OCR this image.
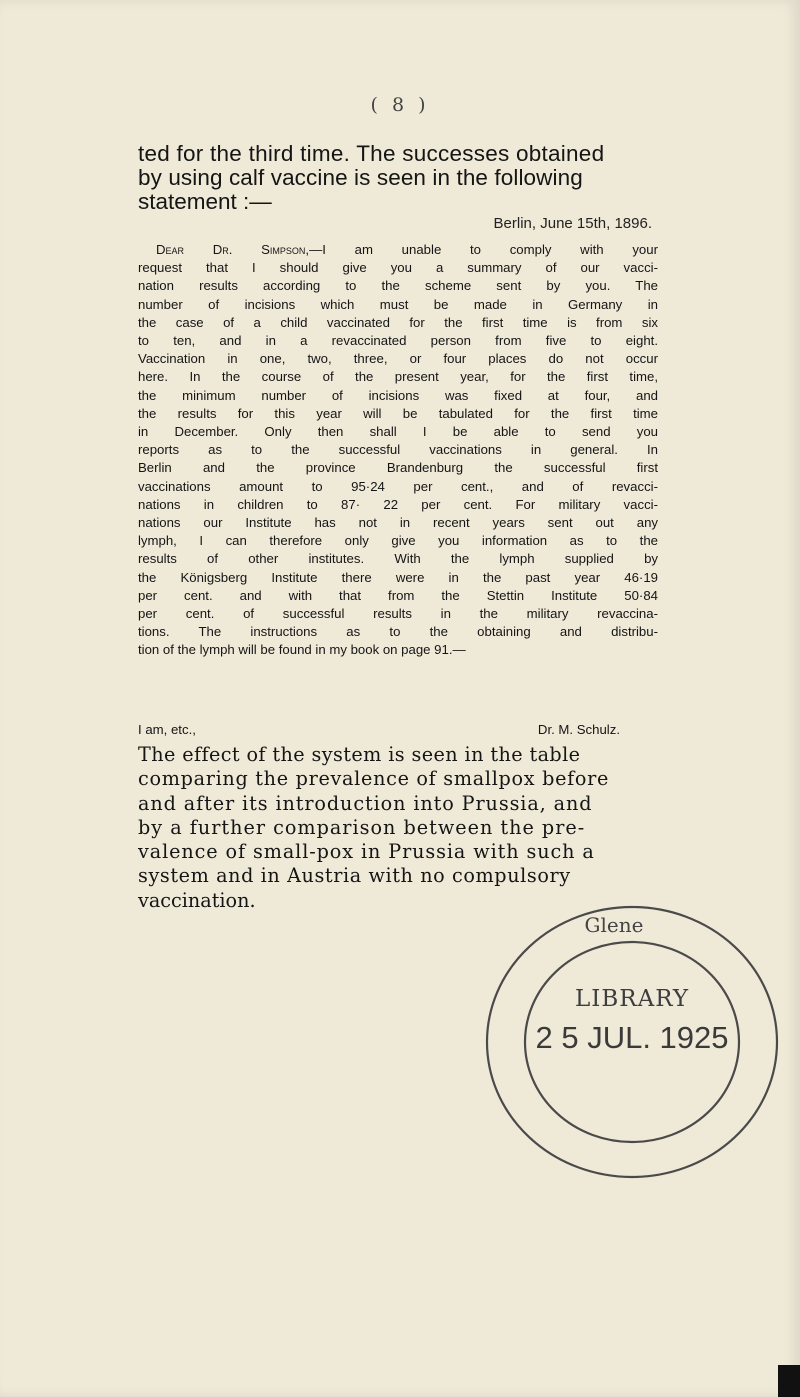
( 8 )

ted for the third time. The successes obtained

by using calf vaccine is seen in the following

statement :—

Berlin, June 15th, 1896.
Dear Dr. Simpson,—I am unable to comply with your
request that I should give you a summary of our vacci-
nation results according to the scheme sent by you. The
number of incisions which must be made in Germany in
the case of a child vaccinated for the first time is from six
to ten, and in a revaccinated person from five to eight.
Vaccination in one, two, three, or four places do not occur
here. In the course of the present year, for the first time,
the minimum number of incisions was fixed at four, and
the results for this year will be tabulated for the first time
in December. Only then shall I be able to send you
reports as to the successful vaccinations in general. In
Berlin and the province Brandenburg the successful first
vaccinations amount to 95·24 per cent., and of revacci-
nations in children to 87· 22 per cent. For military vacci-
nations our Institute has not in recent years sent out any
lymph, I can therefore only give you information as to the
results of other institutes. With the lymph supplied by
the Königsberg Institute there were in the past year 46·19
per cent. and with that from the Stettin Institute 50·84
per cent. of successful results in the military revaccina-
tions. The instructions as to the obtaining and distribu-
tion of the lymph will be found in my book on page 91.—
I am, etc.,	Dr. M. Schulz.
The effect of the system is seen in the table
comparing the prevalence of smallpox before
and after its introduction into Prussia, and
by a further comparison between the pre-
valence of small-pox in Prussia with such a
system and in Austria with no compulsory
vaccination.
Glene
LIBRARY
2 5 JUL. 1925
